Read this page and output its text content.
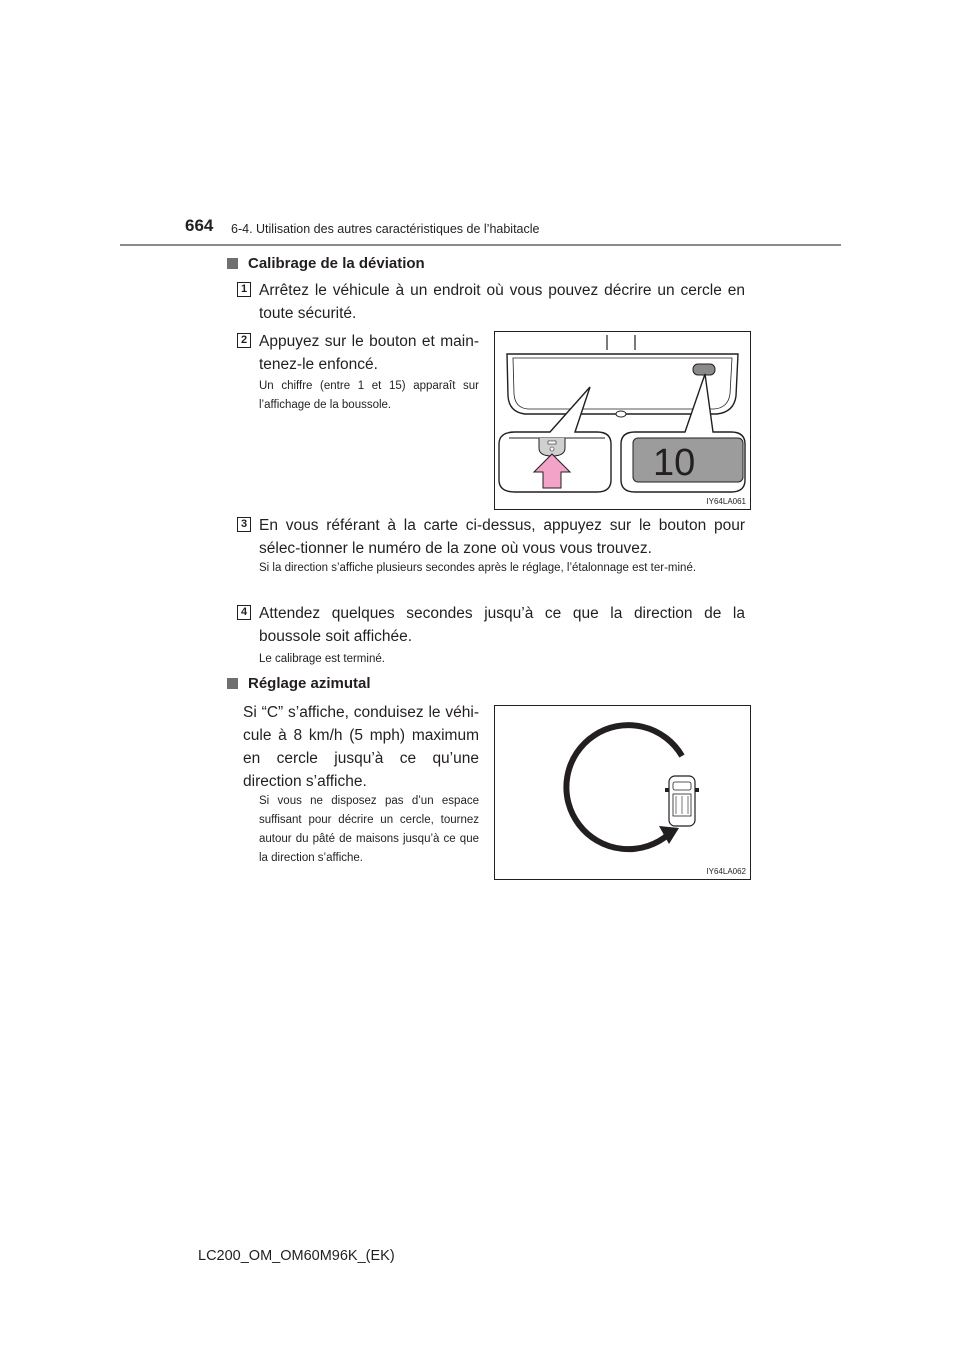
664 6-4. Utilisation des autres caractéristiques de l’habitacle
Calibrage de la déviation
1 Arrêtez le véhicule à un endroit où vous pouvez décrire un cercle en toute sécurité.
2 Appuyez sur le bouton et main-tenez-le enfoncé.
Un chiffre (entre 1 et 15) apparaît sur l’affichage de la boussole.
10
IY64LA061
3 En vous référant à la carte ci-dessus, appuyez sur le bouton pour sélec-tionner le numéro de la zone où vous vous trouvez.
Si la direction s’affiche plusieurs secondes après le réglage, l’étalonnage est ter-miné.
4 Attendez quelques secondes jusqu’à ce que la direction de la boussole soit affichée.
Le calibrage est terminé.
Réglage azimutal
Si “C” s’affiche, conduisez le véhi-cule à 8 km/h (5 mph) maximum en cercle jusqu’à ce qu’une direction s’affiche.
Si vous ne disposez pas d’un espace suffisant pour décrire un cercle, tournez autour du pâté de maisons jusqu’à ce que la direction s’affiche.
IY64LA062
LC200_OM_OM60M96K_(EK)
